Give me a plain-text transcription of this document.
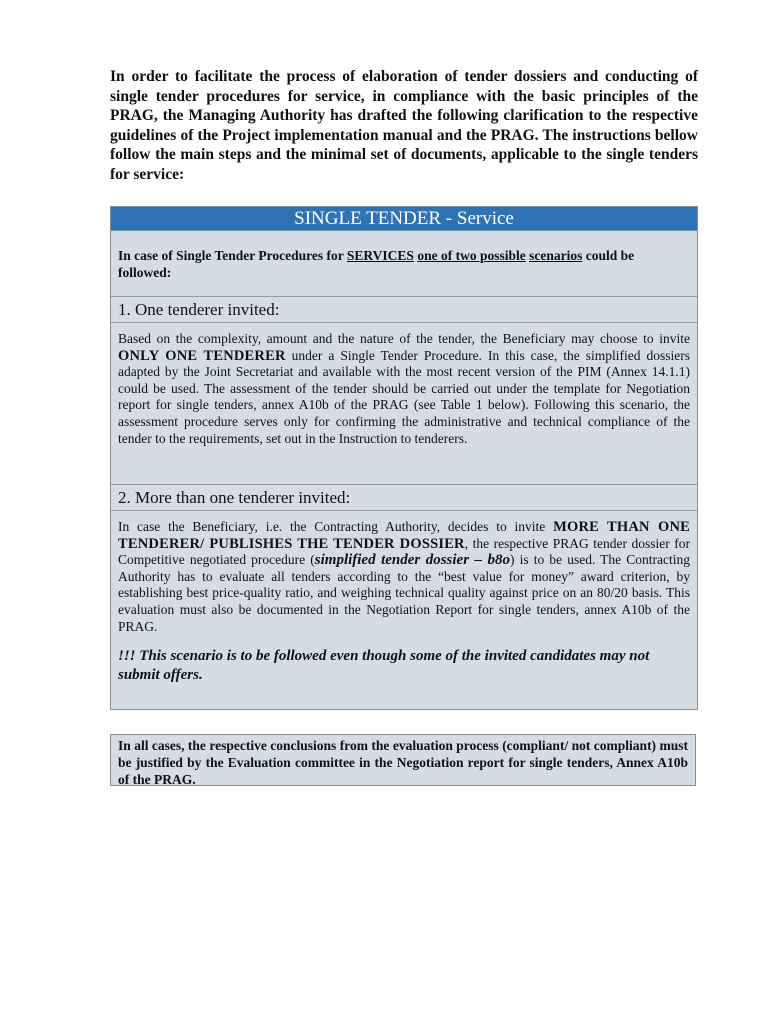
In order to facilitate the process of elaboration of tender dossiers and conducting of single tender procedures for service, in compliance with the basic principles of the PRAG, the Managing Authority has drafted the following clarification to the respective guidelines of the Project implementation manual and the PRAG. The instructions bellow follow the main steps and the minimal set of documents, applicable to the single tenders for service:

SINGLE TENDER - Service
In case of Single Tender Procedures for SERVICES one of two possible scenarios could be followed:
1. One tenderer invited:

Based on the complexity, amount and the nature of the tender, the Beneficiary may choose to invite ONLY ONE TENDERER under a Single Tender Procedure. In this case, the simplified dossiers adapted by the Joint Secretariat and available with the most recent version of the PIM (Annex 14.1.1) could be used. The assessment of the tender should be carried out under the template for Negotiation report for single tenders, annex A10b of the PRAG (see Table 1 below). Following this scenario, the assessment procedure serves only for confirming the administrative and technical compliance of the tender to the requirements, set out in the Instruction to tenderers.

2. More than one tenderer invited:

In case the Beneficiary, i.e. the Contracting Authority, decides to invite MORE THAN ONE TENDERER/ PUBLISHES THE TENDER DOSSIER, the respective PRAG tender dossier for Competitive negotiated procedure (simplified tender dossier – b8o) is to be used. The Contracting Authority has to evaluate all tenders according to the “best value for money” award criterion, by establishing best price-quality ratio, and weighing technical quality against price on an 80/20 basis. This evaluation must also be documented in the Negotiation Report for single tenders, annex A10b of the PRAG.

!!! This scenario is to be followed even though some of the invited candidates may not submit offers.

In all cases, the respective conclusions from the evaluation process (compliant/ not compliant) must be justified by the Evaluation committee in the Negotiation report for single tenders, Annex A10b of the PRAG.
